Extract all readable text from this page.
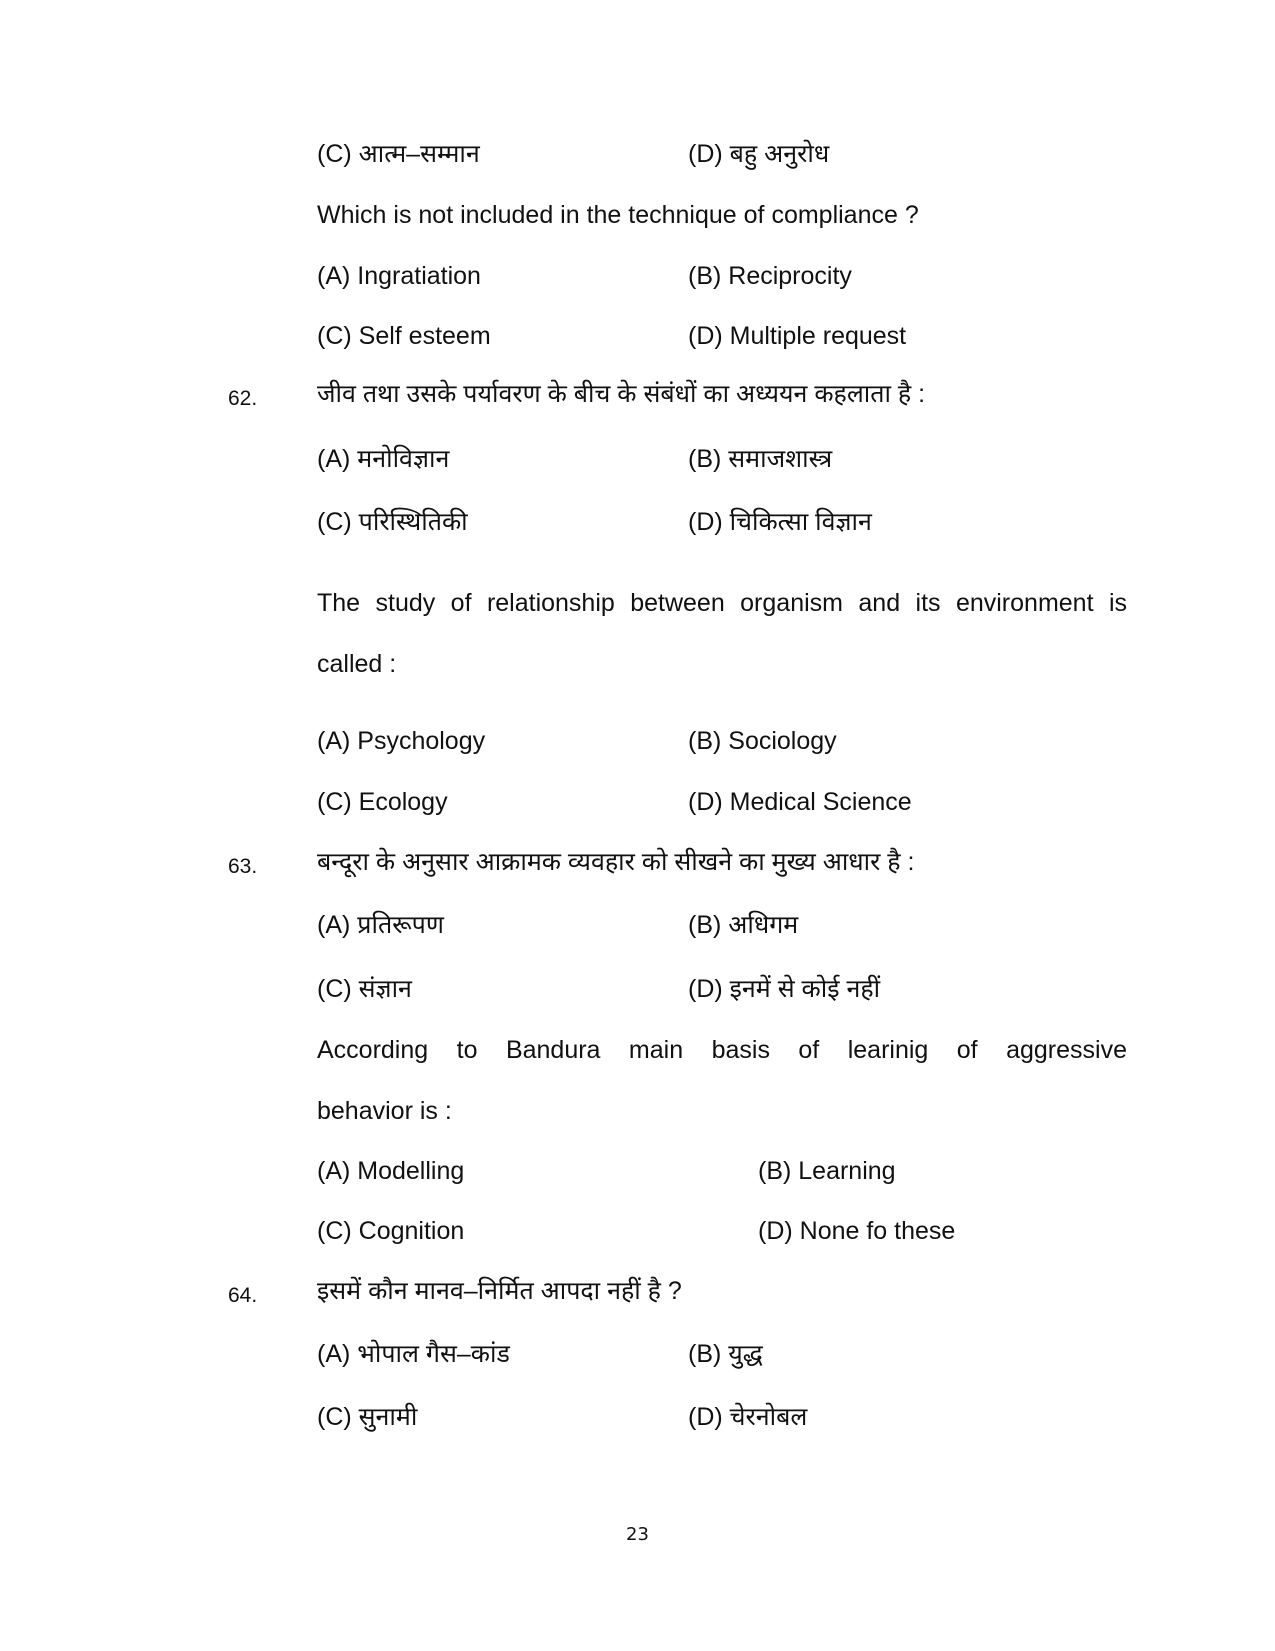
(C) आत्म–सम्मान	(D) बहु अनुरोध
Which is not included in the technique of compliance ?
(A) Ingratiation	(B) Reciprocity
(C) Self esteem	(D) Multiple request
62. जीव तथा उसके पर्यावरण के बीच के संबंधों का अध्ययन कहलाता है :
(A) मनोविज्ञान	(B) समाजशास्त्र
(C) परिस्थितिकी	(D) चिकित्सा विज्ञान
The study of relationship between organism and its environment is
called :
(A) Psychology	(B) Sociology
(C) Ecology	(D) Medical Science
63. बन्दूरा के अनुसार आक्रामक व्यवहार को सीखने का मुख्य आधार है :
(A) प्रतिरूपण	(B) अधिगम
(C) संज्ञान	(D) इनमें से कोई नहीं
According to Bandura main basis of learinig of aggressive
behavior is :
(A) Modelling	(B) Learning
(C) Cognition	(D) None fo these
64. इसमें कौन मानव–निर्मित आपदा नहीं है ?
(A) भोपाल गैस–कांड	(B) युद्ध
(C) सुनामी	(D) चेरनोबल
23
